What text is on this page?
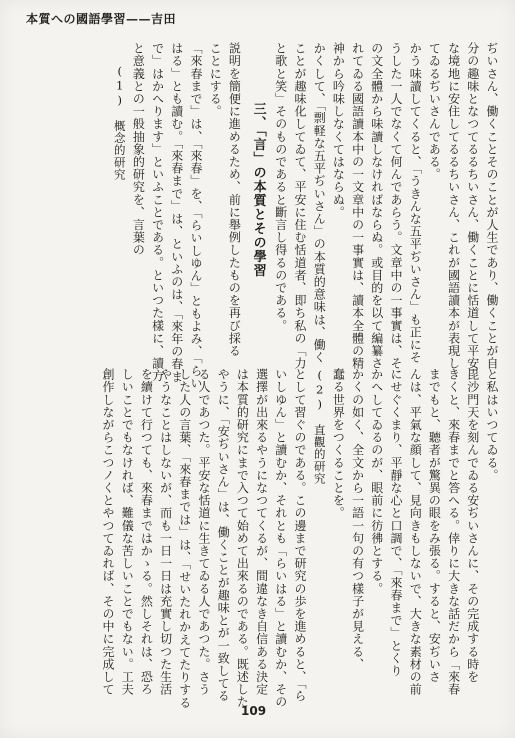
本質への國語學習——吉田
ぢいさん、働くことそのことが人生であり、働くことが自
分の趣味となつてるるちいさん、働くことに恬道して平安
な境地に安住してるるちいさん、これが國語讀本が表現し
てゐるぢいさんである。
かう味讀してくると、「うきんな五平ぢいさん」も正にそ
うした一人でなくて何んであらう。文章中の一事實は、そ
の文全體から味讀しなければならぬ。或目的を以て編纂さ
れてゐる國語讀本中の一文章中の一事實は、讀本全體の精
神から吟味しなくてはならぬ。
かくして、「剽軽な五平ぢいさん」の本質的意味は、働く
ことが趣味化してゐて、平安に住む恬道者、即ち私の「力
と歌と笑」そのものであると斷言し得るのである。
三、「言」の本質とその學習
説明を簡便に進めるため、前に舉例したものを再び採る
ことにする。
「來春まで」は、「來春」を、「らいしゆん」ともよみ、「らい
はる」とも讀む。「來春まで」は、といふのは、「來年の春ま
で」はかへります」といふことである。といつた樣に、讀方
と意義との一般抽象的研究を、言葉の
(1)　概念的研究
と私はいつてゐる。
毘沙門天を刻んでゐる安ぢいさんに、その完成する時を
きくと、來春までと答へる。倖りに大きな話だから「來春
までもと、聽者が驚異の眼をみ張る。すると、安ぢいさ
んは、平氣な顔して、見向きもしないで、大きな素材の前
にせぐくまり、平靜な心と口調で、「來春まで」とくり
かへしてゐるのが、眼前に彷彿とする。
かくの如く、全文から一語一句の有つ樣子が見える、
蠢る世界をつくることを。
(2)　直觀的研究
として習ぐのである。この邊まで研究の歩を進めると、「ら
いしゆん」と讀むか、それとも「らいはる」と讀むか、その
選擇が出來るやうになつてくるが、間違なき自信ある決定
は本質的研究にまで入つて始めて出來るのである。既述した
やうに、「安ぢいさん」は、働くことが趣味とが一致してる
る人であつた。平安な恬道に生きてゐる人であつた。さう
した人の言葉、「來春までは」は、「せいたれかえてたりする
やうなことはしないが、而も一日一日は充實し切つた生活
を續けて行つても、來春まではかゝる。然しそれは、恐ろ
しいことでもなければ、難儀な苦しいことでもない。工夫
創作しながらこつノくとやつてゐれば、その中に完成して
109
